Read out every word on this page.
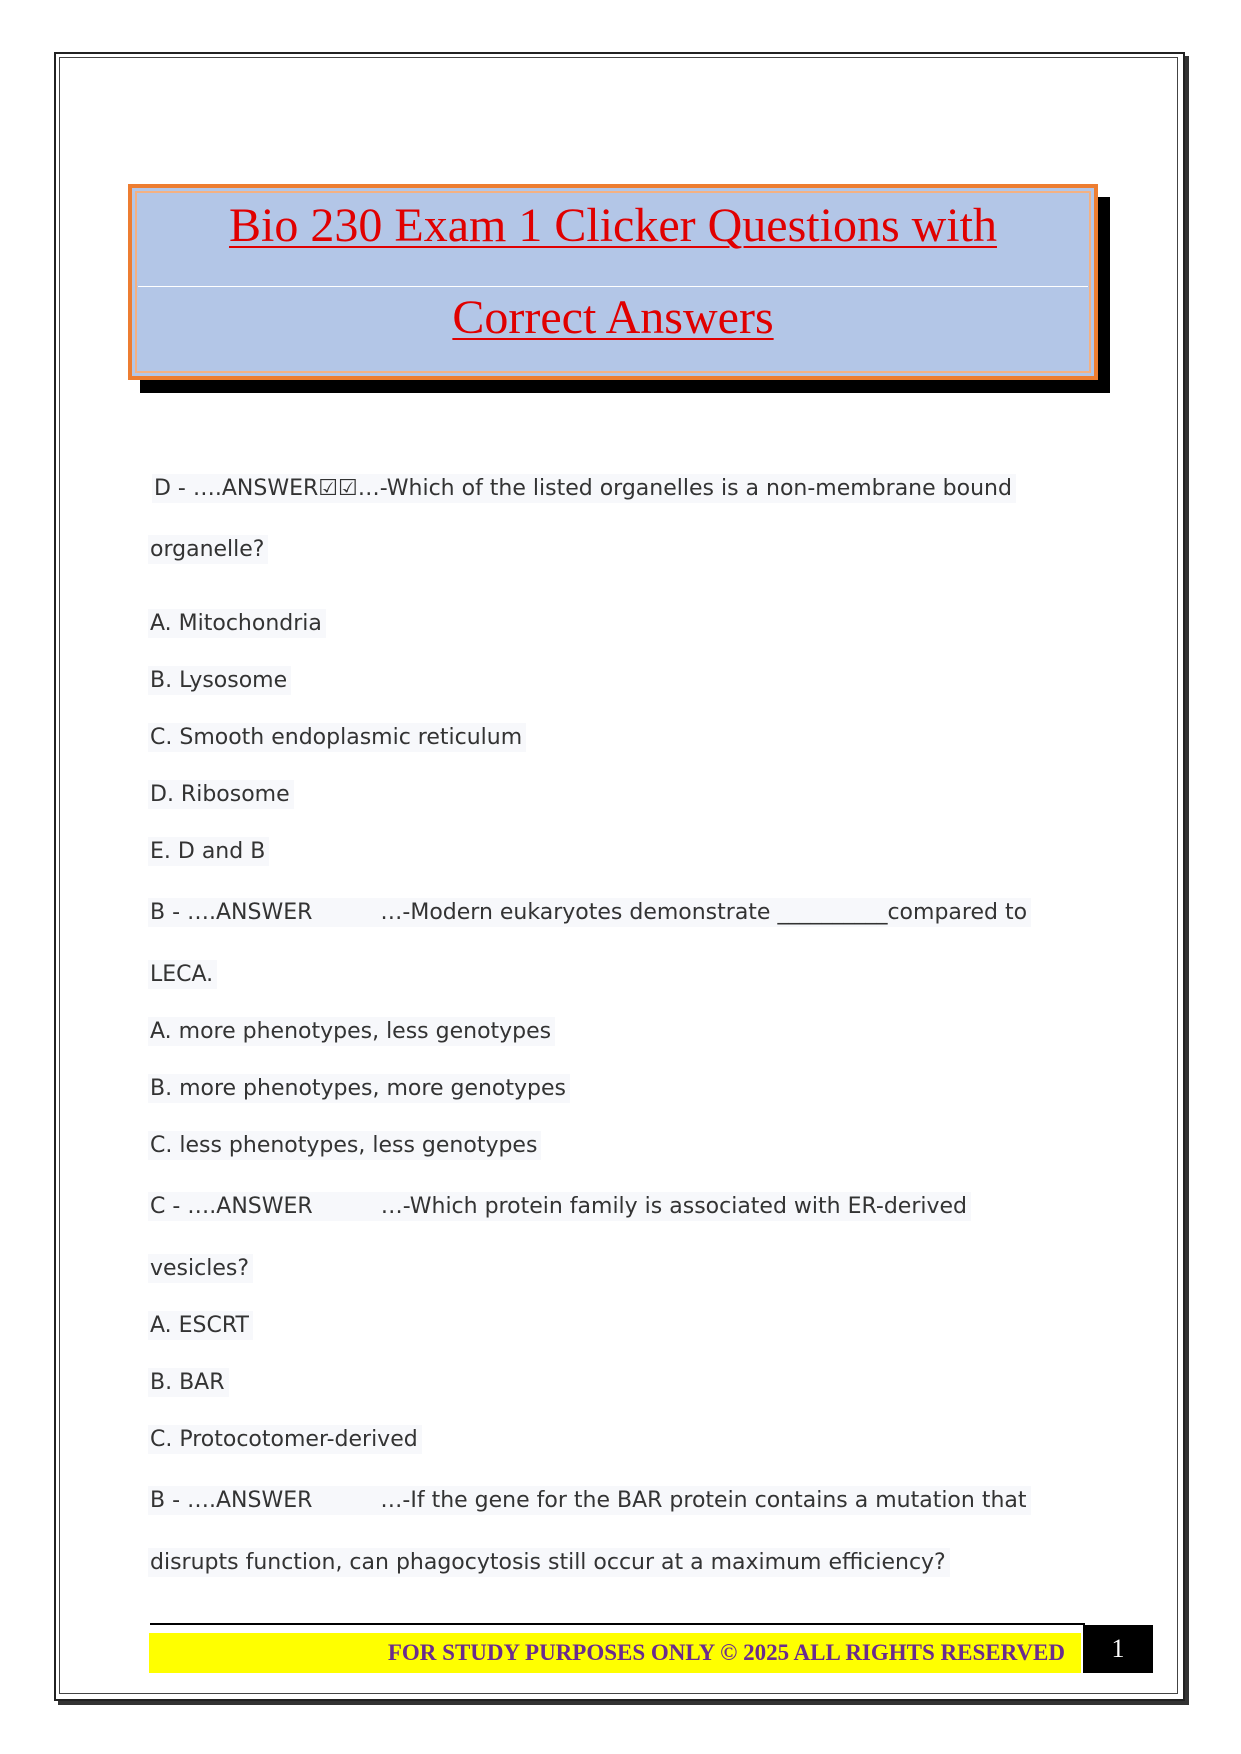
Bio 230 Exam 1 Clicker Questions with
Correct Answers
D - ….ANSWER☑☑…-Which of the listed organelles is a non-membrane bound
organelle?
A. Mitochondria
B. Lysosome
C. Smooth endoplasmic reticulum
D. Ribosome
E. D and B
B - ….ANSWER	…-Modern eukaryotes demonstrate __________compared to
LECA.
A. more phenotypes, less genotypes
B. more phenotypes, more genotypes
C. less phenotypes, less genotypes
C - ….ANSWER	…-Which protein family is associated with ER-derived
vesicles?
A. ESCRT
B. BAR
C. Protocotomer-derived
B - ….ANSWER	…-If the gene for the BAR protein contains a mutation that
disrupts function, can phagocytosis still occur at a maximum efficiency?
FOR STUDY PURPOSES ONLY © 2025 ALL RIGHTS RESERVED 1
